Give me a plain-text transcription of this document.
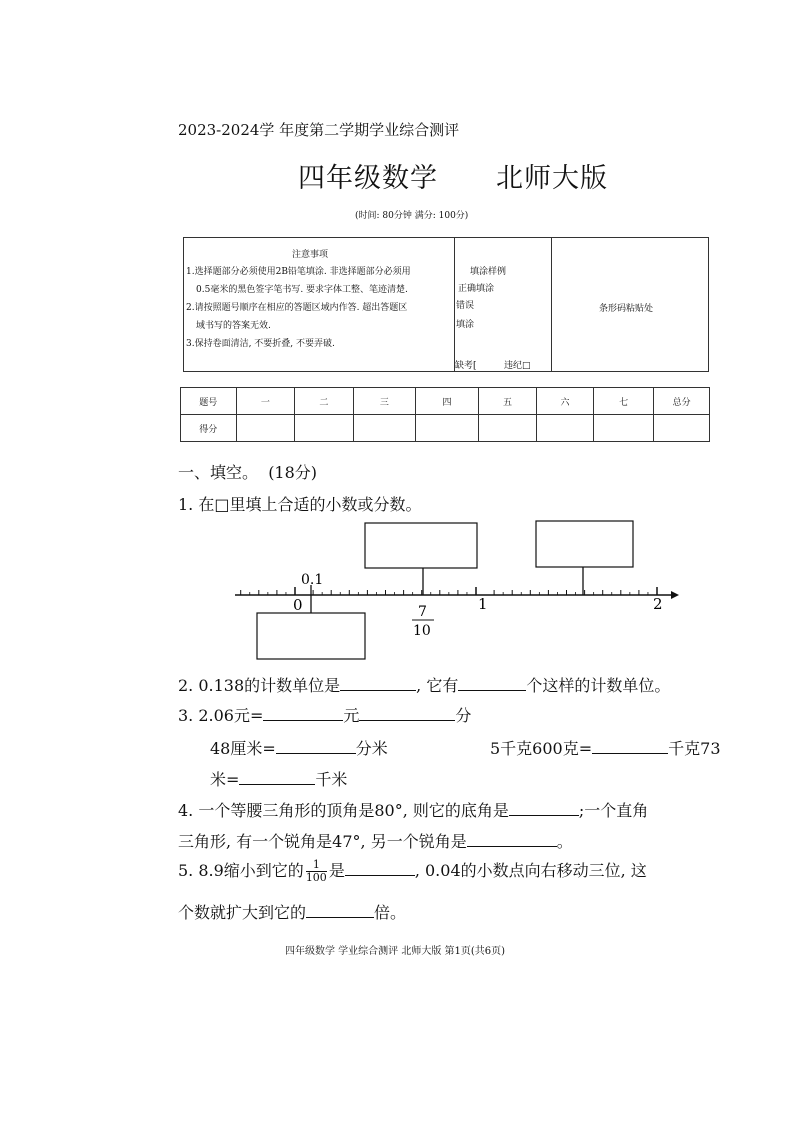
2023-2024学 年度第二学期学业综合测评
四年级数学 北师大版
(时间: 80分钟 满分: 100分)
注意事项
1.选择题部分必须使用2B铅笔填涂. 非选择题部分必须用
0.5毫米的黑色签字笔书写. 要求字体工整、笔迹清楚.
2.请按照题号顺序在相应的答题区域内作答. 超出答题区
域书写的答案无效.
3.保持卷面清洁, 不要折叠, 不要弄破.
填涂样例
正确填涂
错误
填涂
缺考[	违纪□
条形码粘贴处
题号	一	二	三	四	五	六	七	总分
得分								
一、填空。 (18分)
1. 在□里填上合适的小数或分数。
0
0.1
1	2
7
10
2. 0.138的计数单位是	, 它有	个这样的计数单位。
3. 2.06元=	元	分
48厘米=	分米	5千克600克=	千克73
米=	千米
4. 一个等腰三角形的顶角是80°, 则它的底角是	;一个直角
三角形, 有一个锐角是47°, 另一个锐角是	。
5. 8.9缩小到它的 $\frac{1}{100}$ 是	, 0.04的小数点向右移动三位, 这
个数就扩大到它的	倍。
四年级数学 学业综合测评 北师大版 第1页(共6页)
